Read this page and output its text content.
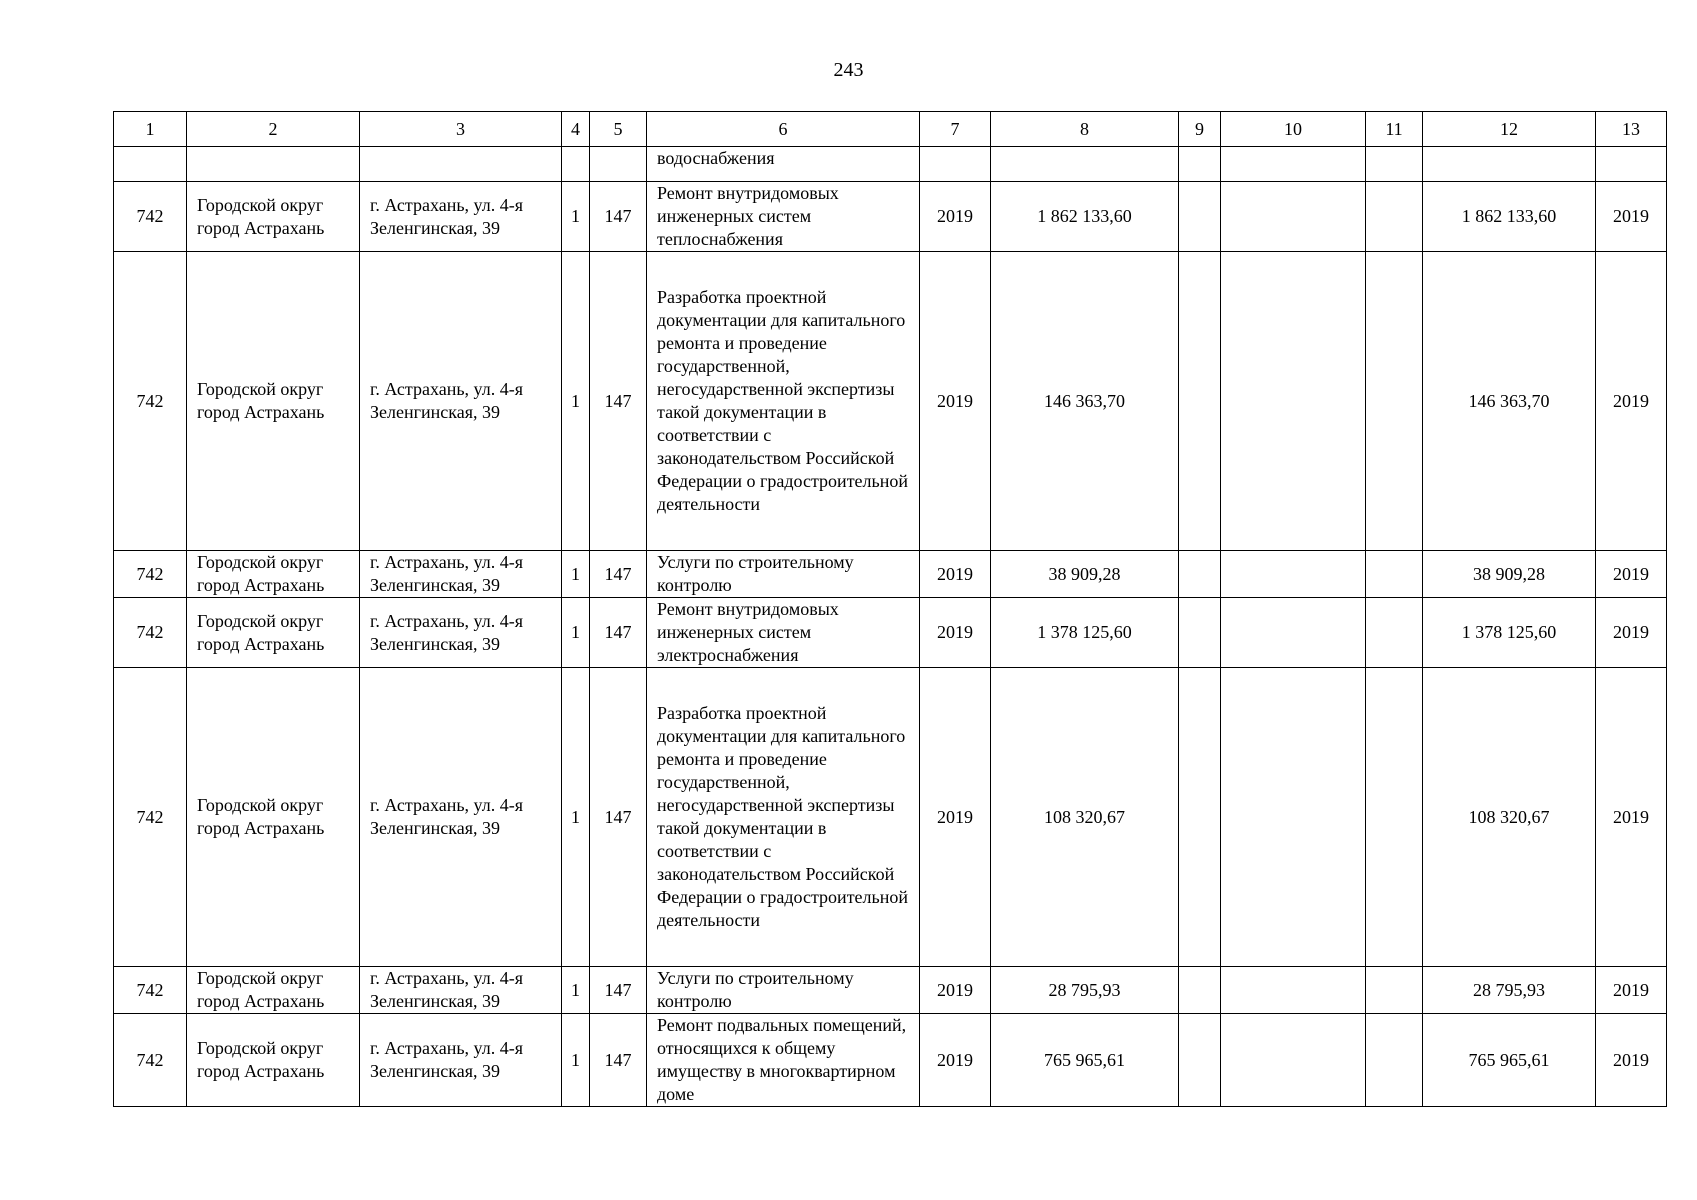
243
1	2	3	4	5	6	7	8	9	10	11	12	13
					водоснабжения							
742	Городской округ город Астрахань	г. Астрахань, ул. 4-я Зеленгинская, 39	1	147	Ремонт внутридомовых инженерных систем теплоснабжения	2019	1 862 133,60				1 862 133,60	2019
742	Городской округ город Астрахань	г. Астрахань, ул. 4-я Зеленгинская, 39	1	147	Разработка проектной документации для капитального ремонта и проведение государственной, негосударственной экспертизы такой документации в соответствии с законодательством Российской Федерации о градостроительной деятельности	2019	146 363,70				146 363,70	2019
742	Городской округ город Астрахань	г. Астрахань, ул. 4-я Зеленгинская, 39	1	147	Услуги по строительному контролю	2019	38 909,28				38 909,28	2019
742	Городской округ город Астрахань	г. Астрахань, ул. 4-я Зеленгинская, 39	1	147	Ремонт внутридомовых инженерных систем электроснабжения	2019	1 378 125,60				1 378 125,60	2019
742	Городской округ город Астрахань	г. Астрахань, ул. 4-я Зеленгинская, 39	1	147	Разработка проектной документации для капитального ремонта и проведение государственной, негосударственной экспертизы такой документации в соответствии с законодательством Российской Федерации о градостроительной деятельности	2019	108 320,67				108 320,67	2019
742	Городской округ город Астрахань	г. Астрахань, ул. 4-я Зеленгинская, 39	1	147	Услуги по строительному контролю	2019	28 795,93				28 795,93	2019
742	Городской округ город Астрахань	г. Астрахань, ул. 4-я Зеленгинская, 39	1	147	Ремонт подвальных помещений, относящихся к общему имуществу в многоквартирном доме	2019	765 965,61				765 965,61	2019
